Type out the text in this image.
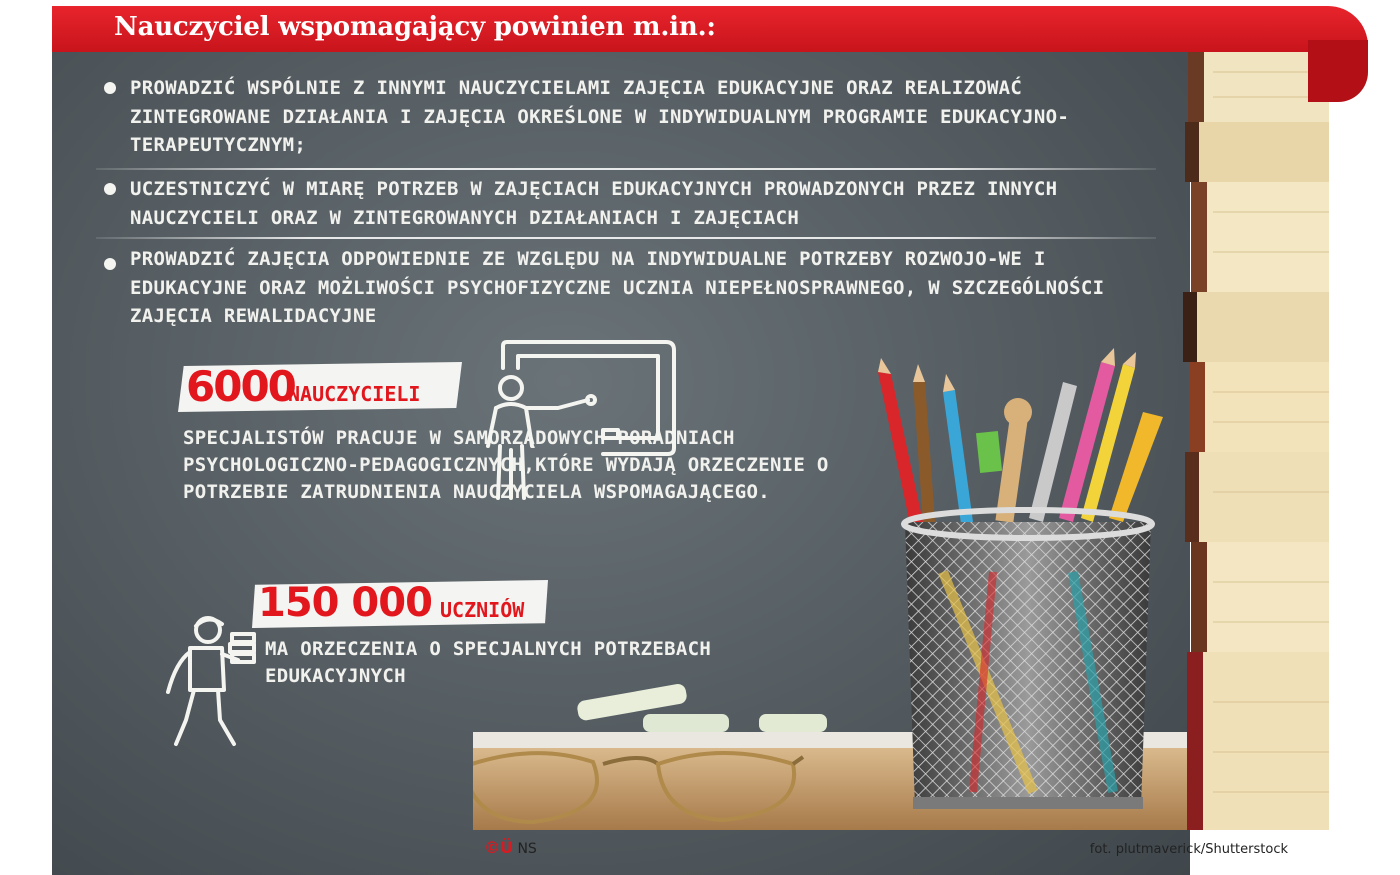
Nauczyciel wspomagający powinien m.in.:
PROWADZIĆ WSPÓLNIE Z INNYMI NAUCZYCIELAMI ZAJĘCIA EDUKACYJNE ORAZ REALIZOWAĆ ZINTEGROWANE DZIAŁANIA I ZAJĘCIA OKREŚLONE W INDYWIDUALNYM PROGRAMIE EDUKACYJNO-TERAPEUTYCZNYM;
UCZESTNICZYĆ W MIARĘ POTRZEB W ZAJĘCIACH EDUKACYJNYCH PROWADZONYCH PRZEZ INNYCH NAUCZYCIELI ORAZ W ZINTEGROWANYCH DZIAŁANIACH I ZAJĘCIACH
PROWADZIĆ ZAJĘCIA ODPOWIEDNIE ZE WZGLĘDU NA INDYWIDUALNE POTRZEBY ROZWOJO-WE I EDUKACYJNE ORAZ MOŻLIWOŚCI PSYCHOFIZYCZNE UCZNIA NIEPEŁNOSPRAWNEGO, W SZCZEGÓLNOŚCI ZAJĘCIA REWALIDACYJNE
6000
NAUCZYCIELI
SPECJALISTÓW PRACUJE W SAMORZĄDOWYCH PORADNIACH PSYCHOLOGICZNO-PEDAGOGICZNYCH,KTÓRE WYDAJĄ ORZECZENIE O POTRZEBIE ZATRUDNIENIA NAUCZYCIELA WSPOMAGAJĄCEGO.
150 000 UCZNIÓW
MA ORZECZENIA O SPECJALNYCH POTRZEBACH EDUKACYJNYCH
©Ü NS	fot. plutmaverick/Shutterstock
